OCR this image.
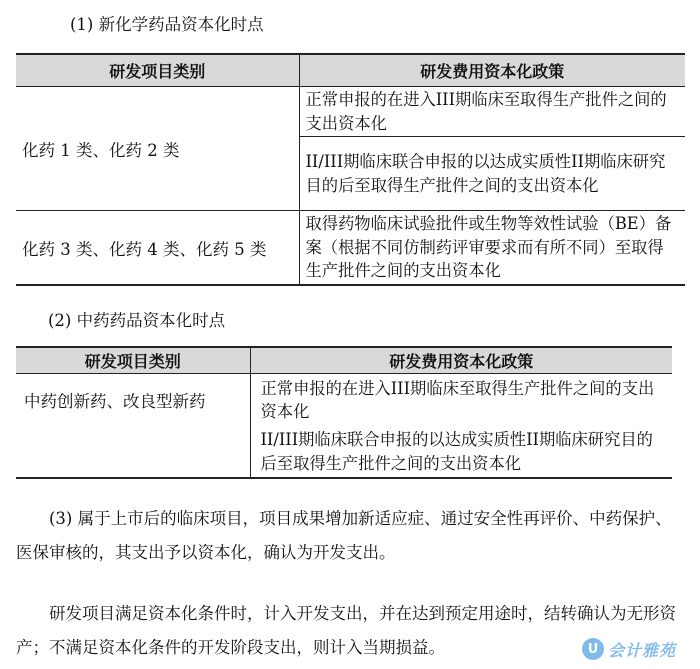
(1) 新化学药品资本化时点
研发项目类别	研发费用资本化政策
化药 1 类、化药 2 类	正常申报的在进入III期临床至取得生产批件之间的支出资本化
	II/III期临床联合申报的以达成实质性II期临床研究目的后至取得生产批件之间的支出资本化
化药 3 类、化药 4 类、化药 5 类	取得药物临床试验批件或生物等效性试验（BE）备案（根据不同仿制药评审要求而有所不同）至取得生产批件之间的支出资本化
(2) 中药药品资本化时点
研发项目类别	研发费用资本化政策
中药创新药、改良型新药	正常申报的在进入III期临床至取得生产批件之间的支出资本化
	II/III期临床联合申报的以达成实质性II期临床研究目的后至取得生产批件之间的支出资本化

(3) 属于上市后的临床项目，项目成果增加新适应症、通过安全性再评价、中药保护、医保审核的，其支出予以资本化，确认为开发支出。

研发项目满足资本化条件时，计入开发支出，并在达到预定用途时，结转确认为无形资产；不满足资本化条件的开发阶段支出，则计入当期损益。	U 会计雅苑
